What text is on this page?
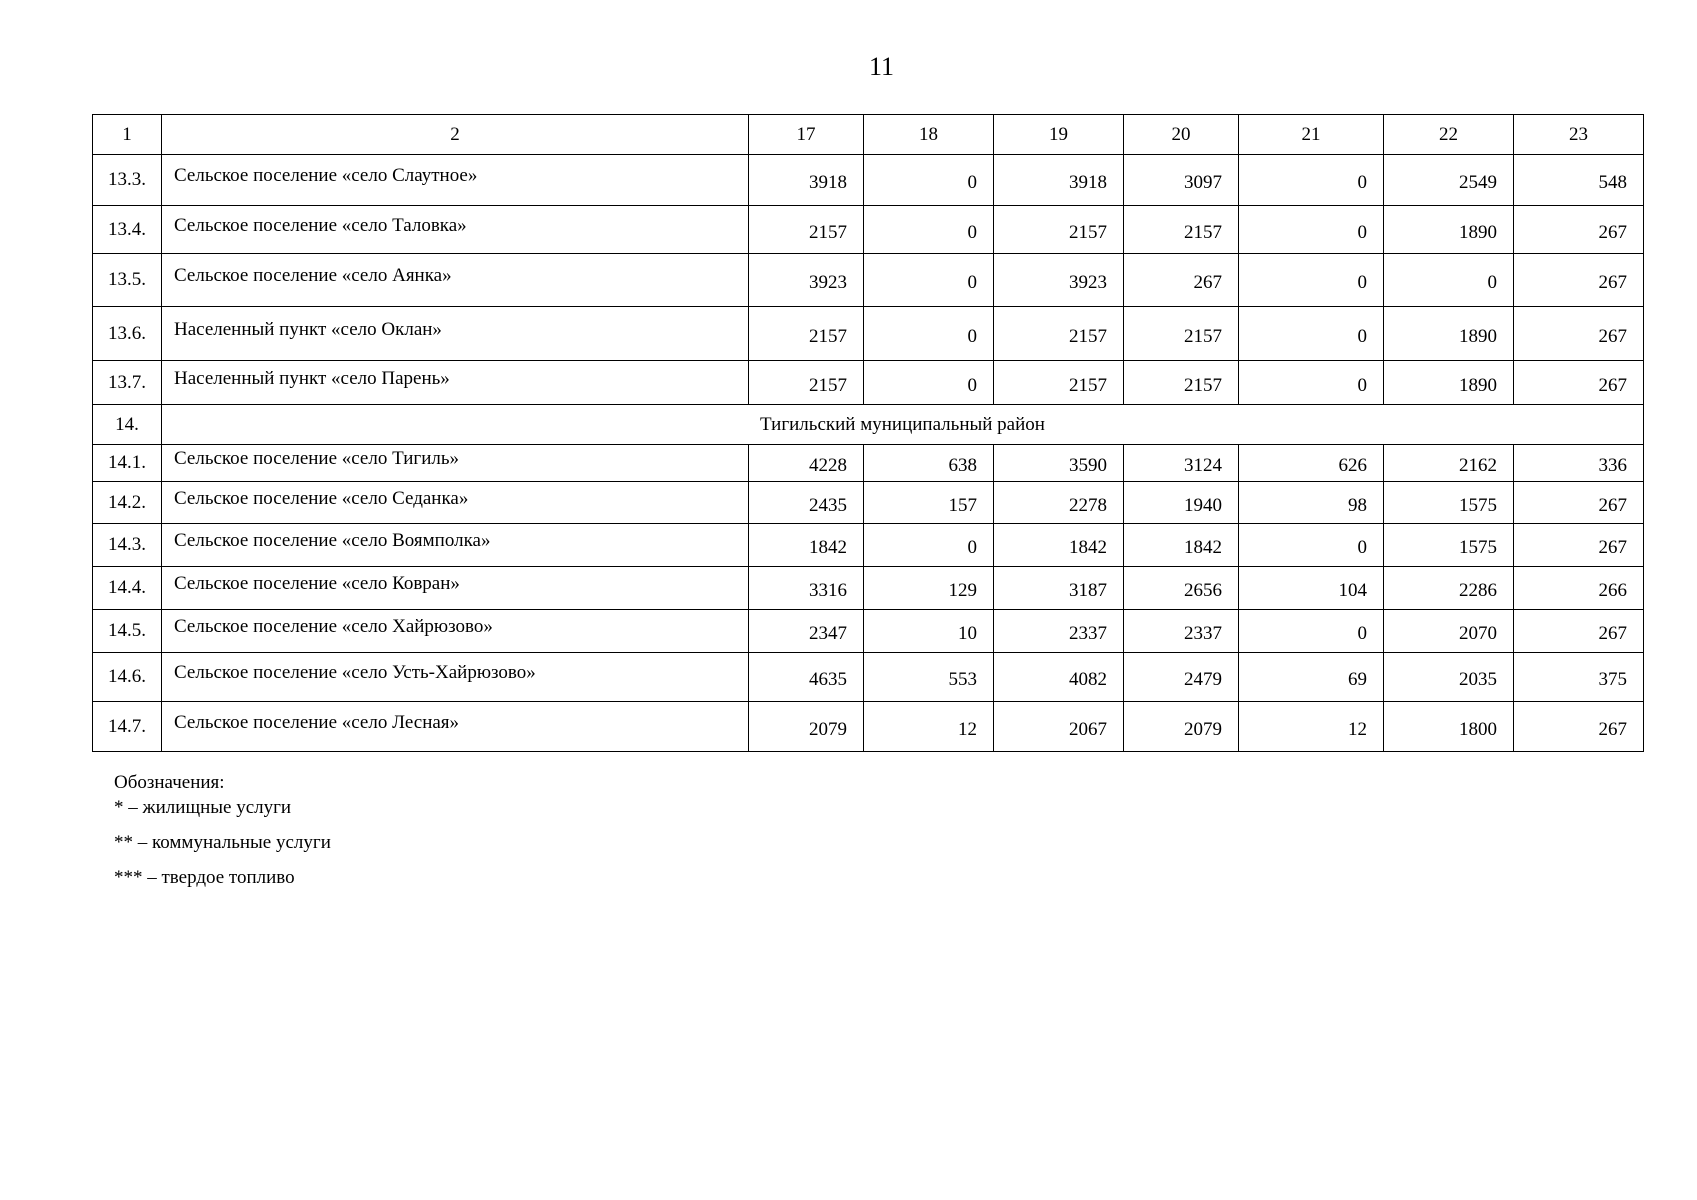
11
1	2	17	18	19	20	21	22	23
13.3.	Сельское поселение «село Слаутное»	3918	0	3918	3097	0	2549	548
13.4.	Сельское поселение «село Таловка»	2157	0	2157	2157	0	1890	267
13.5.	Сельское поселение «село Аянка»	3923	0	3923	267	0	0	267
13.6.	Населенный пункт «село Оклан»	2157	0	2157	2157	0	1890	267
13.7.	Населенный пункт «село Парень»	2157	0	2157	2157	0	1890	267
14.	Тигильский муниципальный район							
14.1.	Сельское поселение «село Тигиль»	4228	638	3590	3124	626	2162	336
14.2.	Сельское поселение «село Седанка»	2435	157	2278	1940	98	1575	267
14.3.	Сельское поселение «село Воямполка»	1842	0	1842	1842	0	1575	267
14.4.	Сельское поселение «село Ковран»	3316	129	3187	2656	104	2286	266
14.5.	Сельское поселение «село Хайрюзово»	2347	10	2337	2337	0	2070	267
14.6.	Сельское поселение «село Усть-Хайрюзово»	4635	553	4082	2479	69	2035	375
14.7.	Сельское поселение «село Лесная»	2079	12	2067	2079	12	1800	267
Обозначения:
* – жилищные услуги
** – коммунальные услуги
*** – твердое топливо
